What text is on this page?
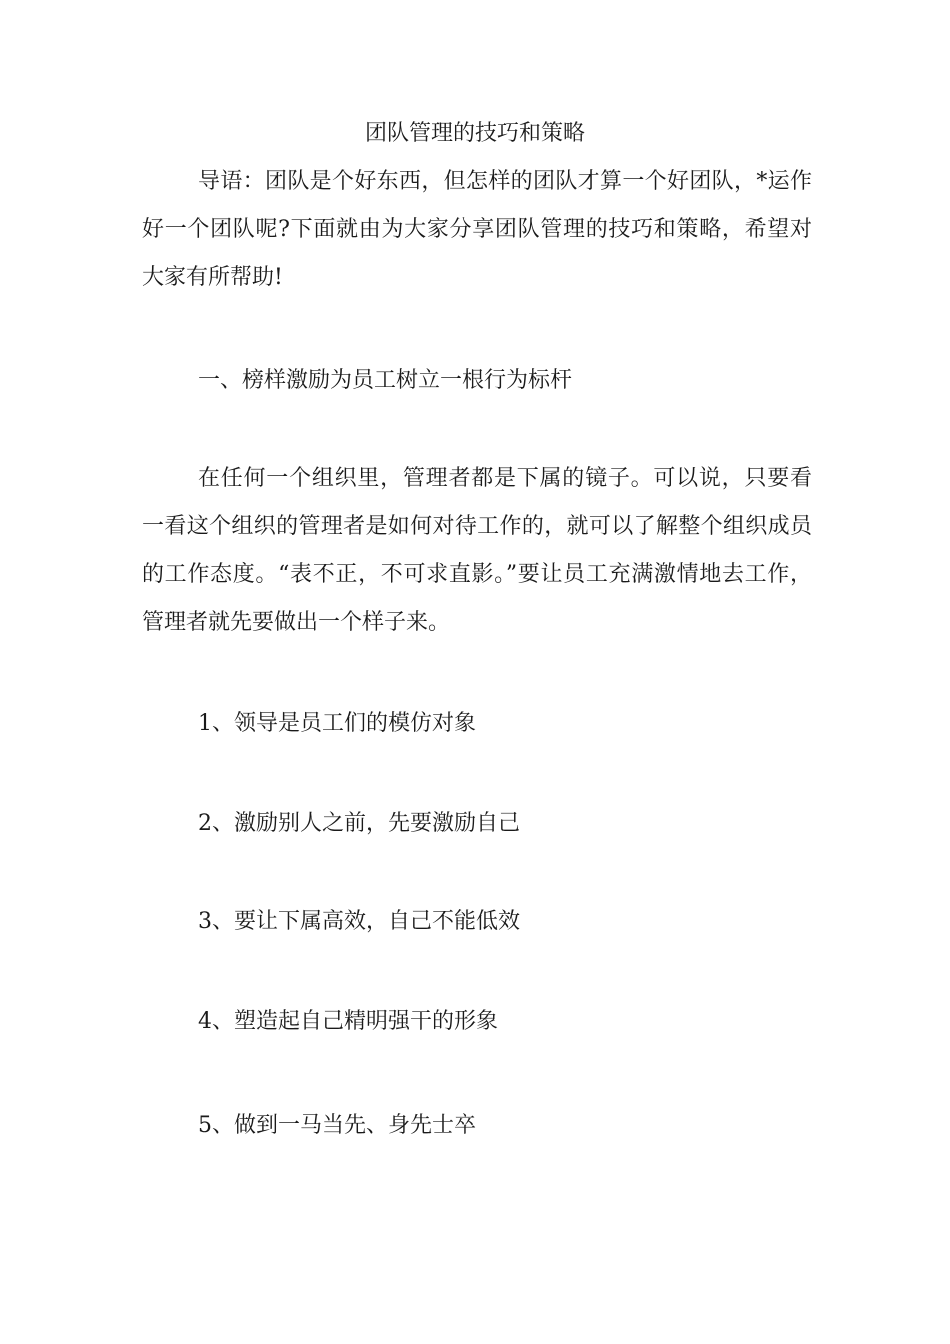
团队管理的技巧和策略

导语：团队是个好东西，但怎样的团队才算一个好团队，*运作好一个团队呢?下面就由为大家分享团队管理的技巧和策略，希望对大家有所帮助!

一、榜样激励为员工树立一根行为标杆

在任何一个组织里，管理者都是下属的镜子。可以说，只要看一看这个组织的管理者是如何对待工作的，就可以了解整个组织成员的工作态度。“表不正，不可求直影。”要让员工充满激情地去工作，管理者就先要做出一个样子来。

1、领导是员工们的模仿对象

2、激励别人之前，先要激励自己

3、要让下属高效，自己不能低效

4、塑造起自己精明强干的形象

5、做到一马当先、身先士卒
